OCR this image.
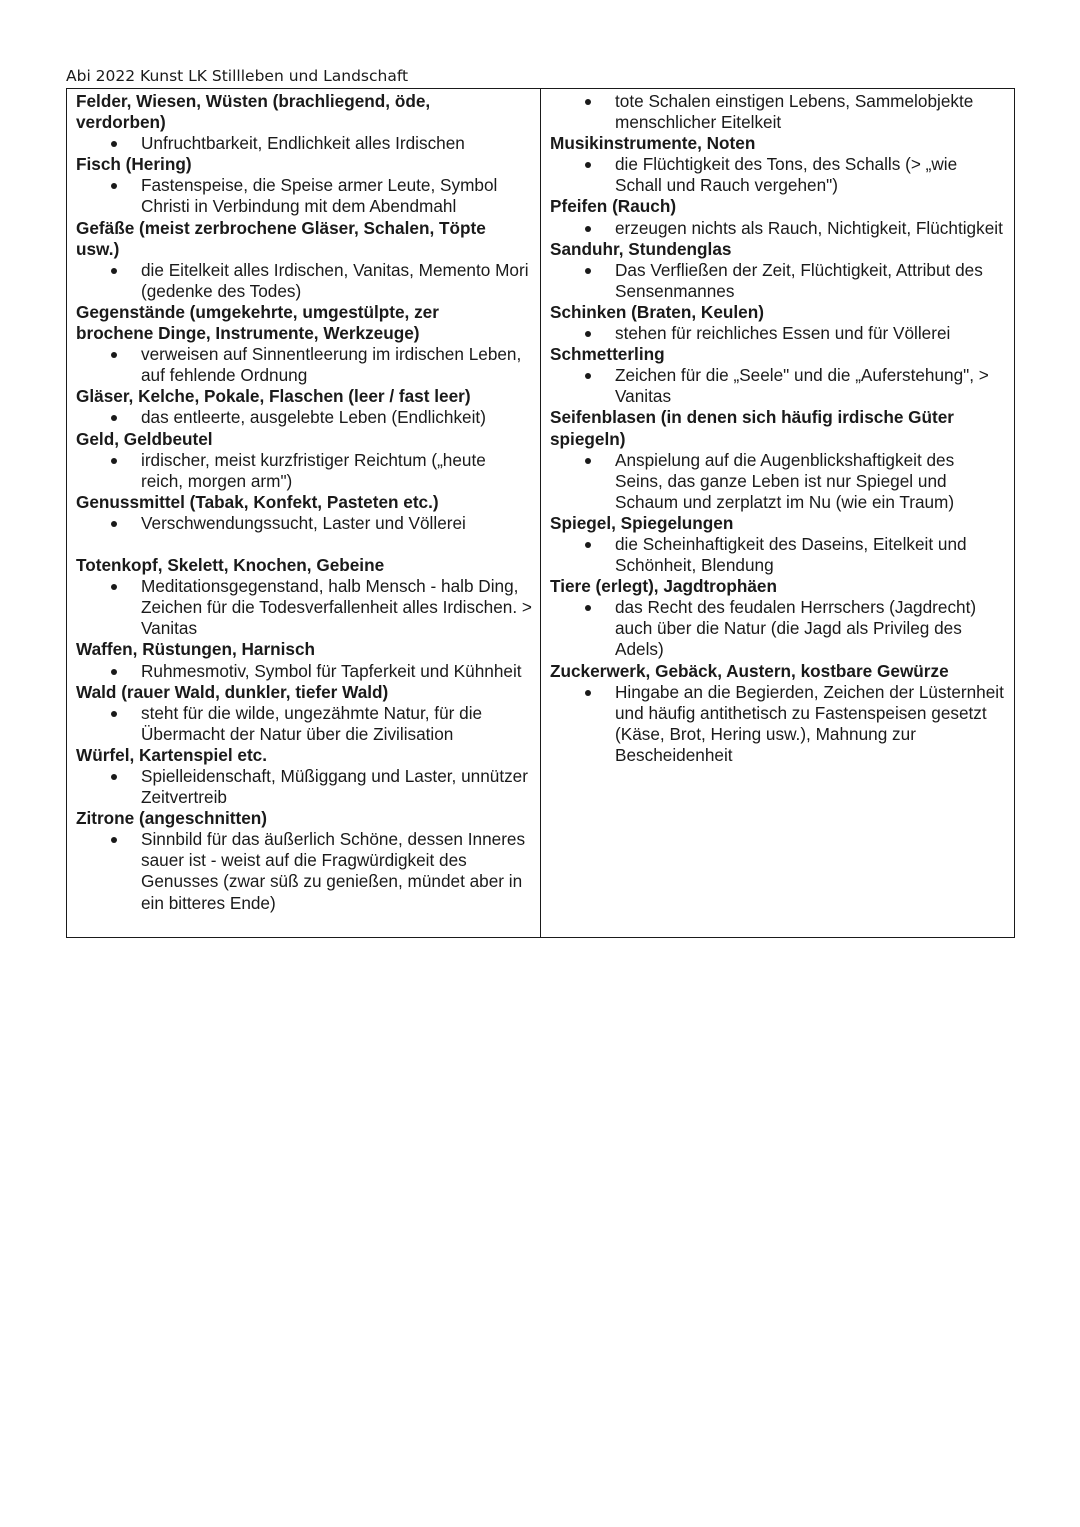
Abi 2022 Kunst LK Stillleben und Landschaft

Felder, Wiesen, Wüsten (brachliegend, öde, verdorben)

Unfruchtbarkeit, Endlichkeit alles Irdischen

Fisch (Hering)

Fastenspeise, die Speise armer Leute, Symbol Christi in Verbindung mit dem Abendmahl

Gefäße (meist zerbrochene Gläser, Schalen, Töpte usw.)

die Eitelkeit alles Irdischen, Vanitas, Memento Mori (gedenke des Todes)

Gegenstände (umgekehrte, umgestülpte, zer brochene Dinge, Instrumente, Werkzeuge)

verweisen auf Sinnentleerung im irdischen Leben, auf fehlende Ordnung

Gläser, Kelche, Pokale, Flaschen (leer / fast leer)

das entleerte, ausgelebte Leben (Endlichkeit)

Geld, Geldbeutel

irdischer, meist kurzfristiger Reichtum („heute reich, morgen arm")

Genussmittel (Tabak, Konfekt, Pasteten etc.)

Verschwendungssucht, Laster und Völlerei

Totenkopf, Skelett, Knochen, Gebeine

Meditationsgegenstand, halb Mensch - halb Ding, Zeichen für die Todesverfallenheit alles Irdischen. > Vanitas

Waffen, Rüstungen, Harnisch

Ruhmesmotiv, Symbol für Tapferkeit und Kühnheit

Wald (rauer Wald, dunkler, tiefer Wald)

steht für die wilde, ungezähmte Natur, für die Übermacht der Natur über die Zivilisation

Würfel, Kartenspiel etc.

Spielleidenschaft, Müßiggang und Laster, unnützer Zeitvertreib

Zitrone (angeschnitten)

Sinnbild für das äußerlich Schöne, dessen Inneres sauer ist - weist auf die Fragwürdigkeit des Genusses (zwar süß zu genießen, mündet aber in ein bitteres Ende)

tote Schalen einstigen Lebens, Sammelobjekte menschlicher Eitelkeit

Musikinstrumente, Noten

die Flüchtigkeit des Tons, des Schalls (> „wie Schall und Rauch vergehen")

Pfeifen (Rauch)

erzeugen nichts als Rauch, Nichtigkeit, Flüchtigkeit

Sanduhr, Stundenglas

Das Verfließen der Zeit, Flüchtigkeit, Attribut des Sensenmannes

Schinken (Braten, Keulen)

stehen für reichliches Essen und für Völlerei

Schmetterling

Zeichen für die „Seele" und die „Auferstehung", > Vanitas

Seifenblasen (in denen sich häufig irdische Güter spiegeln)

Anspielung auf die Augenblickshaftigkeit des Seins, das ganze Leben ist nur Spiegel und Schaum und zerplatzt im Nu (wie ein Traum)

Spiegel, Spiegelungen

die Scheinhaftigkeit des Daseins, Eitelkeit und Schönheit, Blendung

Tiere (erlegt), Jagdtrophäen

das Recht des feudalen Herrschers (Jagdrecht) auch über die Natur (die Jagd als Privileg des Adels)

Zuckerwerk, Gebäck, Austern, kostbare Gewürze

Hingabe an die Begierden, Zeichen der Lüsternheit und häufig antithetisch zu Fastenspeisen gesetzt (Käse, Brot, Hering usw.), Mahnung zur Bescheidenheit
